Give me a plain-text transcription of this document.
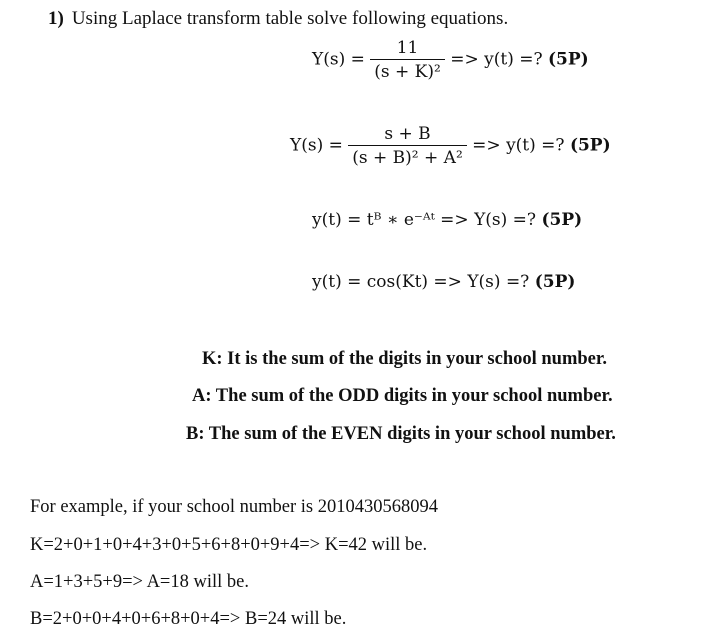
1) Using Laplace transform table solve following equations.
$Y(s) = \frac{11}{\text{(s + K)²}} => y(t)$ =? (5P)
$Y(s) = \frac{s + B}{\text{(s + B)² + A²}} => y(t)$ =? (5P)
y(t) = tᴮ ∗ e⁻ᴬᵗ => Y(s) =? (5P)
y(t) = cos(Kt) => Y(s) =? (5P)
K: It is the sum of the digits in your school number.
A: The sum of the ODD digits in your school number.
B: The sum of the EVEN digits in your school number.
For example, if your school number is 2010430568094
K=2+0+1+0+4+3+0+5+6+8+0+9+4=> K=42 will be.
A=1+3+5+9=> A=18 will be.
B=2+0+0+4+0+6+8+0+4=> B=24 will be.
